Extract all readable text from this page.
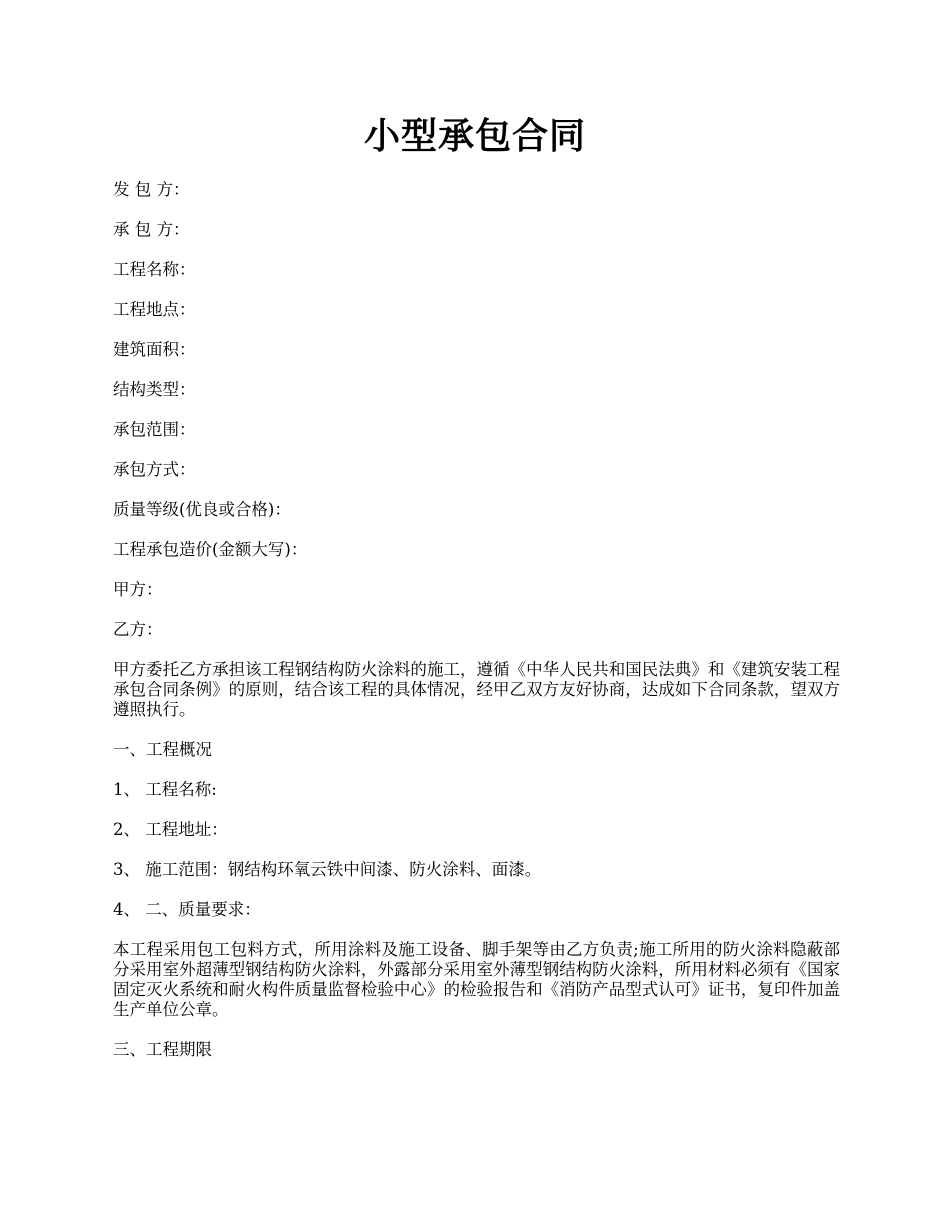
小型承包合同
发 包 方：
承 包 方：
工程名称：
工程地点：
建筑面积：
结构类型：
承包范围：
承包方式：
质量等级(优良或合格)：
工程承包造价(金额大写)：
甲方：
乙方：
甲方委托乙方承担该工程钢结构防火涂料的施工，遵循《中华人民共和国民法典》和《建筑安装工程承包合同条例》的原则，结合该工程的具体情况，经甲乙双方友好协商，达成如下合同条款，望双方遵照执行。
一、工程概况
1、 工程名称:
2、 工程地址：
3、 施工范围：钢结构环氧云铁中间漆、防火涂料、面漆。
4、 二、质量要求：
本工程采用包工包料方式，所用涂料及施工设备、脚手架等由乙方负责;施工所用的防火涂料隐蔽部分采用室外超薄型钢结构防火涂料，外露部分采用室外薄型钢结构防火涂料，所用材料必须有《国家固定灭火系统和耐火构件质量监督检验中心》的检验报告和《消防产品型式认可》证书，复印件加盖生产单位公章。
三、工程期限
